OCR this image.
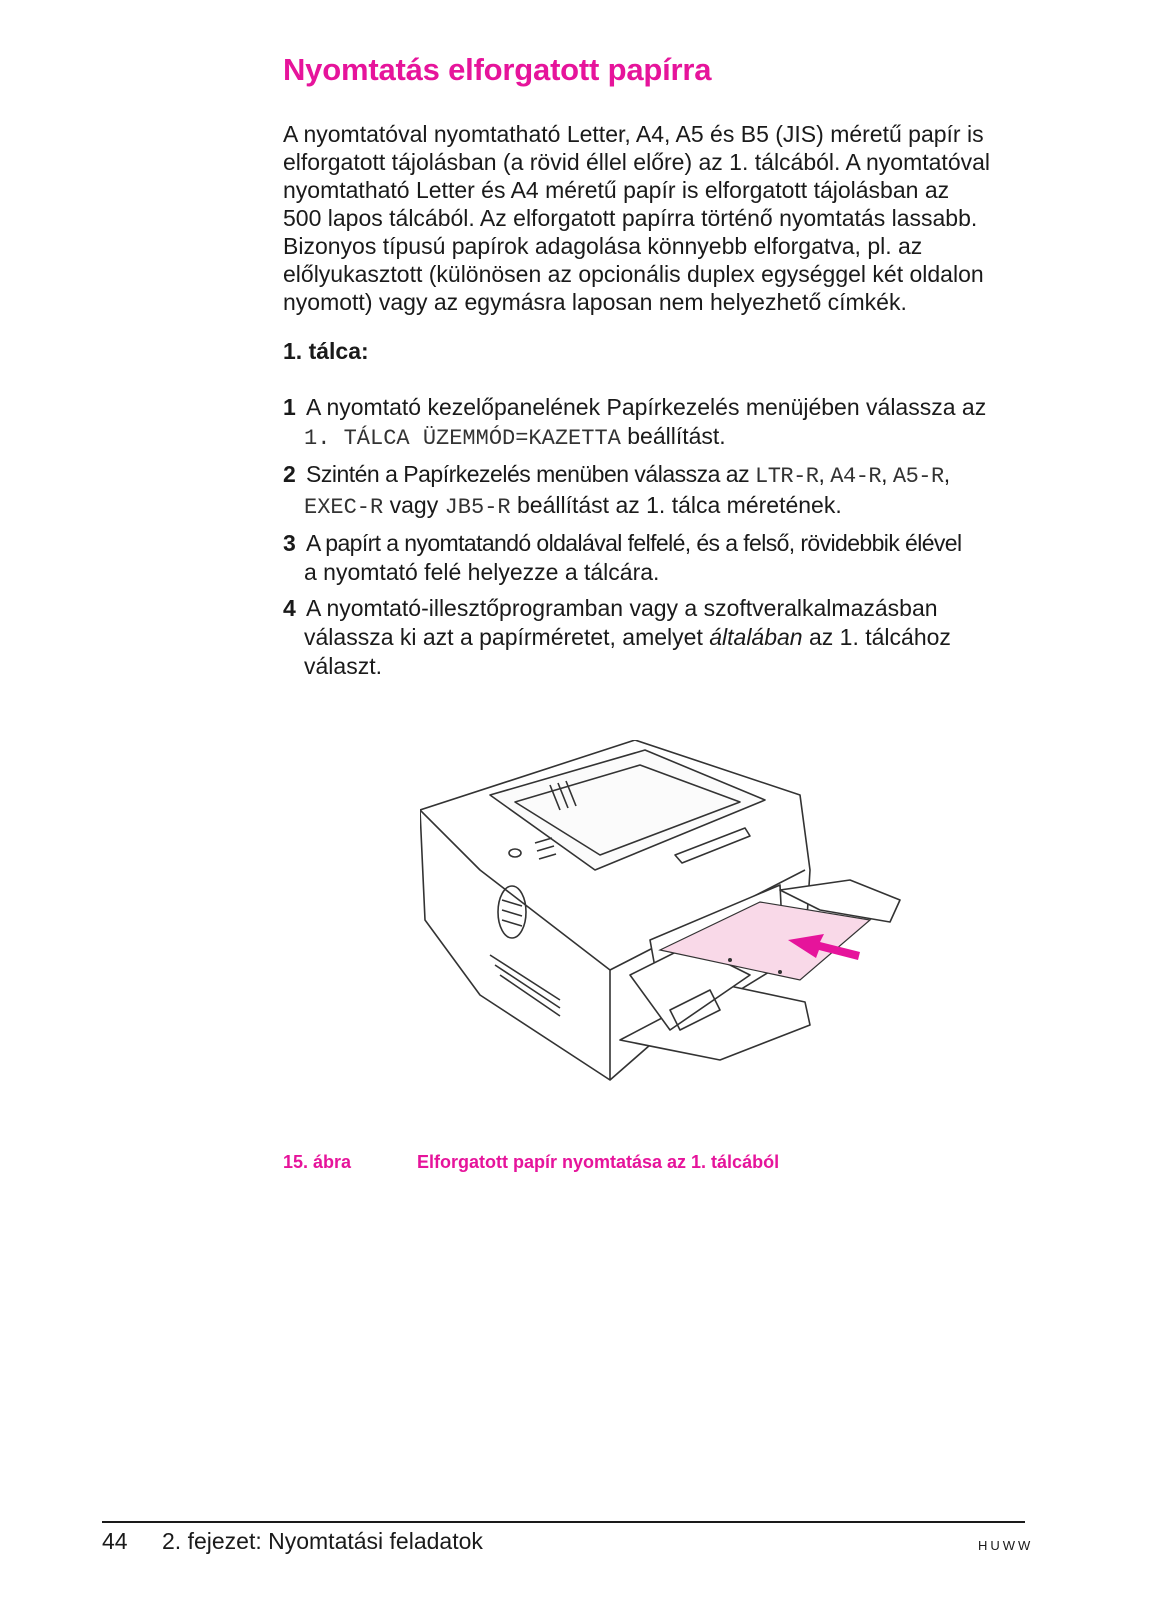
Nyomtatás elforgatott papírra

A nyomtatóval nyomtatható Letter, A4, A5 és B5 (JIS) méretű papír is
elforgatott tájolásban (a rövid éllel előre) az 1. tálcából. A nyomtatóval
nyomtatható Letter és A4 méretű papír is elforgatott tájolásban az
500 lapos tálcából. Az elforgatott papírra történő nyomtatás lassabb.
Bizonyos típusú papírok adagolása könnyebb elforgatva, pl. az
előlyukasztott (különösen az opcionális duplex egységgel két oldalon
nyomott) vagy az egymásra laposan nem helyezhető címkék.

1. tálca:
1 A nyomtató kezelőpanelének Papírkezelés menüjében válassza az
1. TÁLCA ÜZEMMÓD=KAZETTA beállítást.
2 Szintén a Papírkezelés menüben válassza az LTR-R, A4-R, A5-R,
EXEC-R vagy JB5-R beállítást az 1. tálca méretének.
3 A papírt a nyomtatandó oldalával felfelé, és a felső, rövidebbik élével
a nyomtató felé helyezze a tálcára.
4 A nyomtató-illesztőprogramban vagy a szoftveralkalmazásban
válassza ki azt a papírméretet, amelyet általában az 1. tálcához
választ.
15. ábra	Elforgatott papír nyomtatása az 1. tálcából
44 2. fejezet: Nyomtatási feladatok	HUWW
